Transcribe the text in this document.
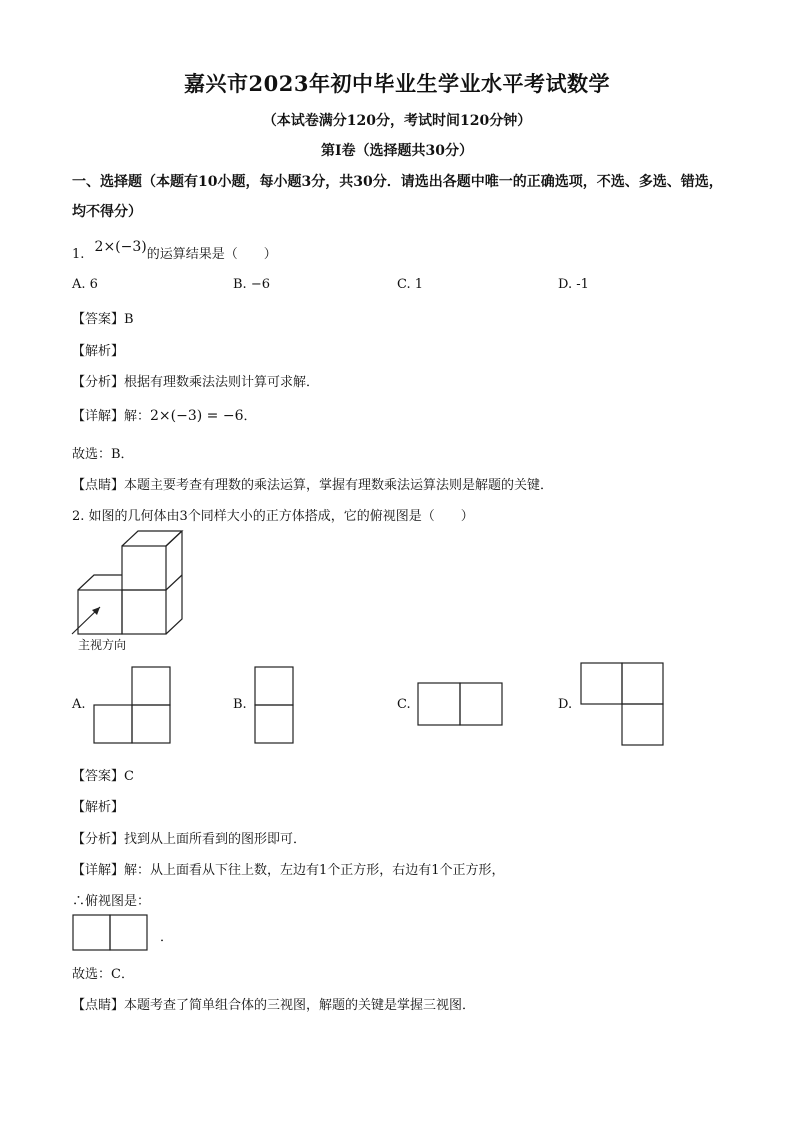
嘉兴市2023年初中毕业生学业水平考试数学
（本试卷满分120分，考试时间120分钟）
第I卷（选择题共30分）
一、选择题（本题有10小题，每小题3分，共30分．请选出各题中唯一的正确选项，不选、多选、错选，均不得分）
1. 2×(−3)的运算结果是（　　）
A. 6	B. −6	C. 1	D. -1
【答案】B
【解析】
【分析】根据有理数乘法法则计算可求解．
【详解】解：2×(−3) = −6．
故选：B．
【点睛】本题主要考查有理数的乘法运算，掌握有理数乘法运算法则是解题的关键．
2. 如图的几何体由3个同样大小的正方体搭成，它的俯视图是（　　）
主视方向
A.	B.	C.	D.
【答案】C
【解析】
【分析】找到从上面所看到的图形即可．
【详解】解：从上面看从下往上数，左边有1个正方形，右边有1个正方形，
∴俯视图是：
．
故选：C．
【点睛】本题考查了简单组合体的三视图，解题的关键是掌握三视图．
